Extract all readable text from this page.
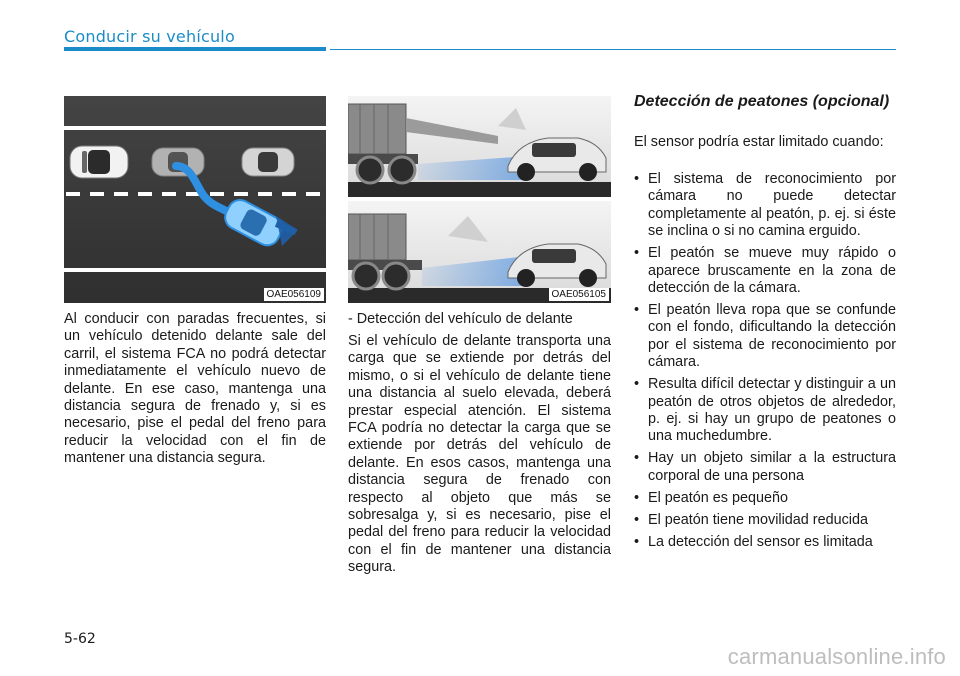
Conducir su vehículo
OAE056109	OAE056105

Al conducir con paradas frecuentes, si un vehículo detenido delante sale del carril, el sistema FCA no podrá detectar inmediatamente el vehículo nuevo de delante. En ese caso, mantenga una distancia segura de frenado y, si es necesario, pise el pedal del freno para reducir la velocidad con el fin de mantener una distancia segura.

- Detección del vehículo de delante

Si el vehículo de delante transporta una carga que se extiende por detrás del mismo, o si el vehículo de delante tiene una distancia al suelo elevada, deberá prestar especial atención. El sistema FCA podría no detectar la carga que se extiende por detrás del vehículo de delante. En esos casos, mantenga una distancia segura de frenado con respecto al objeto que más se sobresalga y, si es necesario, pise el pedal del freno para reducir la velocidad con el fin de mantener una distancia segura.

Detección de peatones (opcional)

El sensor podría estar limitado cuando:

• El sistema de reconocimiento por cámara no puede detectar completamente al peatón, p. ej. si éste se inclina o si no camina erguido.
• El peatón se mueve muy rápido o aparece bruscamente en la zona de detección de la cámara.
• El peatón lleva ropa que se confunde con el fondo, dificultando la detección por el sistema de reconocimiento por cámara.
• Resulta difícil detectar y distinguir a un peatón de otros objetos de alrededor, p. ej. si hay un grupo de peatones o una muchedumbre.
• Hay un objeto similar a la estructura corporal de una persona
• El peatón es pequeño
• El peatón tiene movilidad reducida
• La detección del sensor es limitada
5-62
carmanualsonline.info
